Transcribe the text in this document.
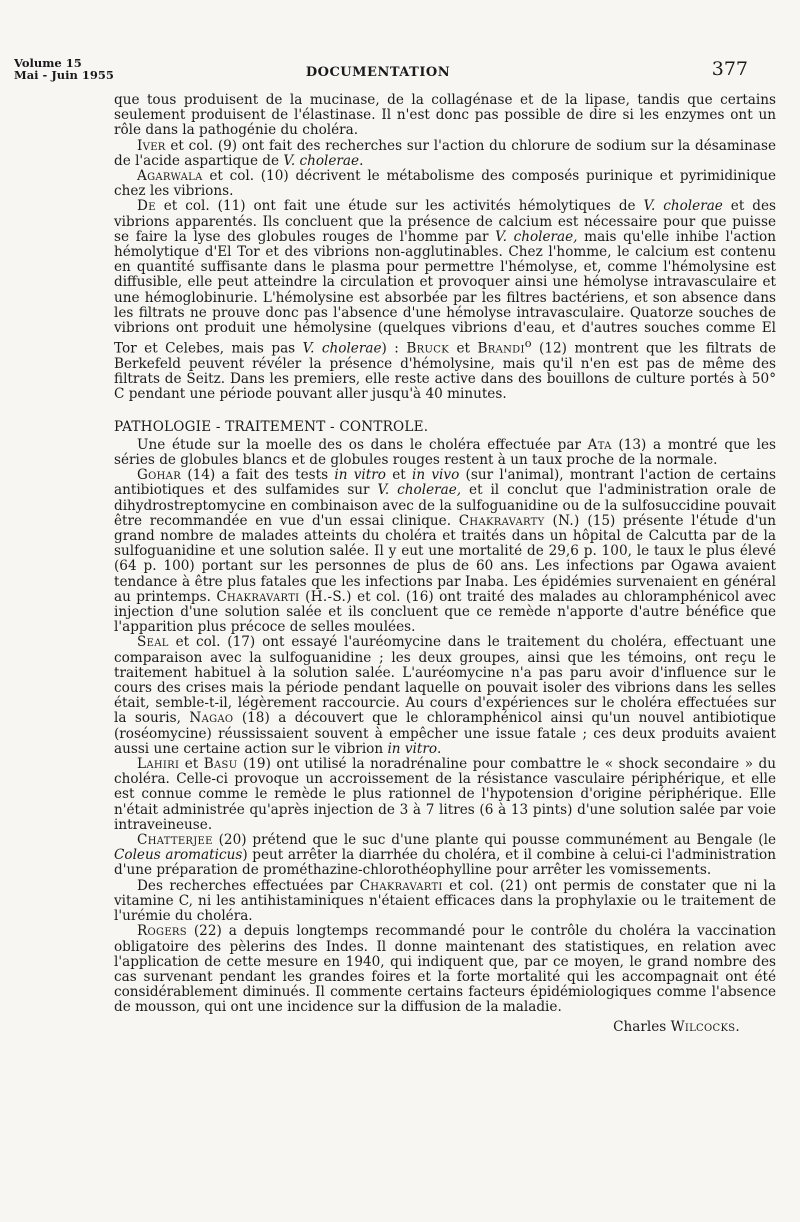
Volume 15
Mai - Juin 1955	DOCUMENTATION	377

que tous produisent de la mucinase, de la collagénase et de la lipase, tandis que certains seulement produisent de l'élastinase. Il n'est donc pas possible de dire si les enzymes ont un rôle dans la pathogénie du choléra.

Iver et col. (9) ont fait des recherches sur l'action du chlorure de sodium sur la désaminase de l'acide aspartique de V. cholerae.

Agarwala et col. (10) décrivent le métabolisme des composés purinique et pyrimidinique chez les vibrions.

De et col. (11) ont fait une étude sur les activités hémolytiques de V. cholerae et des vibrions apparentés. Ils concluent que la présence de calcium est nécessaire pour que puisse se faire la lyse des globules rouges de l'homme par V. cholerae, mais qu'elle inhibe l'action hémolytique d'El Tor et des vibrions non-agglutinables. Chez l'homme, le calcium est contenu en quantité suffisante dans le plasma pour permettre l'hémolyse, et, comme l'hémolysine est diffusible, elle peut atteindre la circulation et provoquer ainsi une hémolyse intravasculaire et une hémoglobinurie. L'hémolysine est absorbée par les filtres bactériens, et son absence dans les filtrats ne prouve donc pas l'absence d'une hémolyse intravasculaire. Quatorze souches de vibrions ont produit une hémolysine (quelques vibrions d'eau, et d'autres souches comme El Tor et Celebes, mais pas V. cholerae) : Bruck et Brandi$^o$ (12) montrent que les filtrats de Berkefeld peuvent révéler la présence d'hémolysine, mais qu'il n'en est pas de même des filtrats de Seitz. Dans les premiers, elle reste active dans des bouillons de culture portés à 50° C pendant une période pouvant aller jusqu'à 40 minutes.

PATHOLOGIE - TRAITEMENT - CONTROLE.

Une étude sur la moelle des os dans le choléra effectuée par Ata (13) a montré que les séries de globules blancs et de globules rouges restent à un taux proche de la normale.

Gohar (14) a fait des tests in vitro et in vivo (sur l'animal), montrant l'action de certains antibiotiques et des sulfamides sur V. cholerae, et il conclut que l'administration orale de dihydrostreptomycine en combinaison avec de la sulfoguanidine ou de la sulfosuccidine pouvait être recommandée en vue d'un essai clinique. Chakravarty (N.) (15) présente l'étude d'un grand nombre de malades atteints du choléra et traités dans un hôpital de Calcutta par de la sulfoguanidine et une solution salée. Il y eut une mortalité de 29,6 p. 100, le taux le plus élevé (64 p. 100) portant sur les personnes de plus de 60 ans. Les infections par Ogawa avaient tendance à être plus fatales que les infections par Inaba. Les épidémies survenaient en général au printemps. Chakravarti (H.-S.) et col. (16) ont traité des malades au chloramphénicol avec injection d'une solution salée et ils concluent que ce remède n'apporte d'autre bénéfice que l'apparition plus précoce de selles moulées.

Seal et col. (17) ont essayé l'auréomycine dans le traitement du choléra, effectuant une comparaison avec la sulfoguanidine ; les deux groupes, ainsi que les témoins, ont reçu le traitement habituel à la solution salée. L'auréomycine n'a pas paru avoir d'influence sur le cours des crises mais la période pendant laquelle on pouvait isoler des vibrions dans les selles était, semble-t-il, légèrement raccourcie. Au cours d'expériences sur le choléra effectuées sur la souris, Nagao (18) a découvert que le chloramphénicol ainsi qu'un nouvel antibiotique (roséomycine) réussissaient souvent à empêcher une issue fatale ; ces deux produits avaient aussi une certaine action sur le vibrion in vitro.

Lahiri et Basu (19) ont utilisé la noradrénaline pour combattre le « shock secondaire » du choléra. Celle-ci provoque un accroissement de la résistance vasculaire périphérique, et elle est connue comme le remède le plus rationnel de l'hypotension d'origine périphérique. Elle n'était administrée qu'après injection de 3 à 7 litres (6 à 13 pints) d'une solution salée par voie intraveineuse.

Chatterjee (20) prétend que le suc d'une plante qui pousse communément au Bengale (le Coleus aromaticus) peut arrêter la diarrhée du choléra, et il combine à celui-ci l'administration d'une préparation de prométhazine-chlorothéophylline pour arrêter les vomissements.

Des recherches effectuées par Chakravarti et col. (21) ont permis de constater que ni la vitamine C, ni les antihistaminiques n'étaient efficaces dans la prophylaxie ou le traitement de l'urémie du choléra.

Rogers (22) a depuis longtemps recommandé pour le contrôle du choléra la vaccination obligatoire des pèlerins des Indes. Il donne maintenant des statistiques, en relation avec l'application de cette mesure en 1940, qui indiquent que, par ce moyen, le grand nombre des cas survenant pendant les grandes foires et la forte mortalité qui les accompagnait ont été considérablement diminués. Il commente certains facteurs épidémiologiques comme l'absence de mousson, qui ont une incidence sur la diffusion de la maladie.

Charles Wilcocks.
